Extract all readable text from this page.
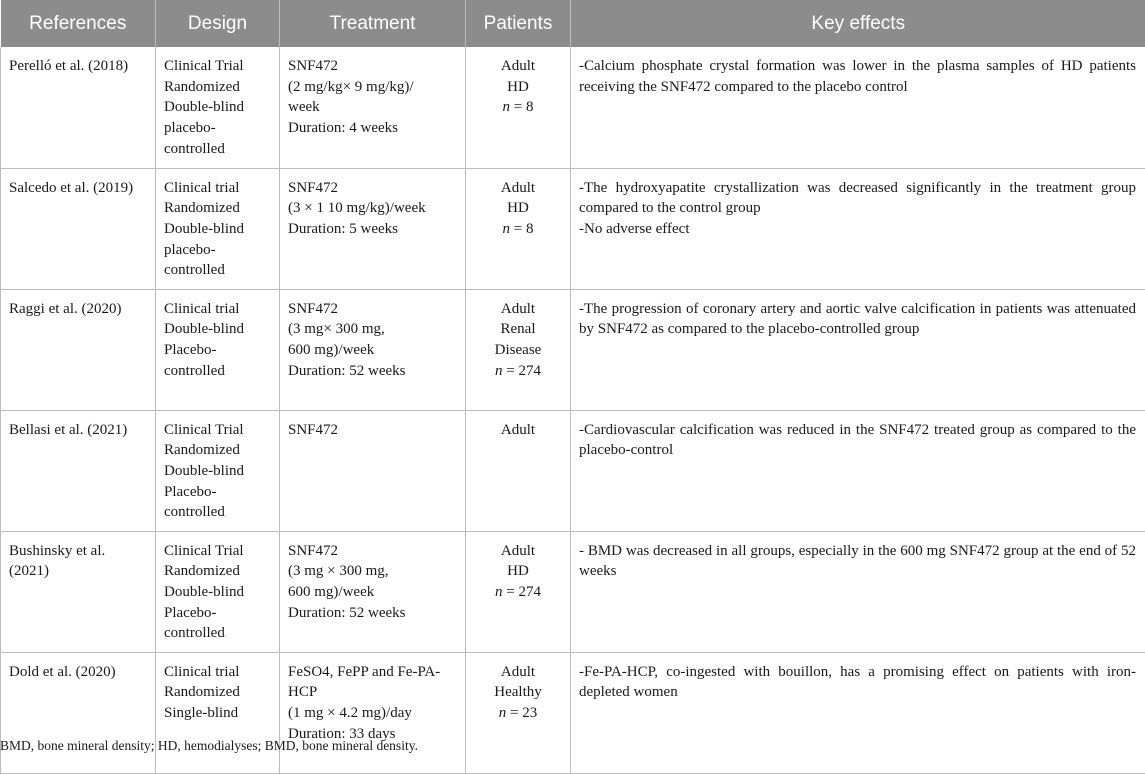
References	Design	Treatment	Patients	Key effects

Perelló et al. (2018)	Clinical Trial
Randomized
Double-blind
placebo-
controlled	SNF472
(2 mg/kg× 9 mg/kg)/
week
Duration: 4 weeks	Adult
HD
n = 8	-Calcium phosphate crystal formation was lower in the plasma samples of HD patients receiving the SNF472 compared to the placebo control

Salcedo et al. (2019)	Clinical trial
Randomized
Double-blind
placebo-
controlled	SNF472
(3 × 1 10 mg/kg)/week
Duration: 5 weeks	Adult
HD
n = 8	-The hydroxyapatite crystallization was decreased significantly in the treatment group compared to the control group
-No adverse effect

Raggi et al. (2020)	Clinical trial
Double-blind
Placebo-
controlled	SNF472
(3 mg× 300 mg,
600 mg)/week
Duration: 52 weeks	Adult
Renal
Disease
n = 274	-The progression of coronary artery and aortic valve calcification in patients was attenuated by SNF472 as compared to the placebo-controlled group

Bellasi et al. (2021)	Clinical Trial
Randomized
Double-blind
Placebo-
controlled	SNF472	Adult	-Cardiovascular calcification was reduced in the SNF472 treated group as compared to the placebo-control

Bushinsky et al.
(2021)	Clinical Trial
Randomized
Double-blind
Placebo-
controlled	SNF472
(3 mg × 300 mg,
600 mg)/week
Duration: 52 weeks	Adult
HD
n = 274	- BMD was decreased in all groups, especially in the 600 mg SNF472 group at the end of 52 weeks

Dold et al. (2020)	Clinical trial
Randomized
Single-blind	FeSO4, FePP and Fe-PA-
HCP
(1 mg × 4.2 mg)/day
Duration: 33 days	Adult
Healthy
n = 23	-Fe-PA-HCP, co-ingested with bouillon, has a promising effect on patients with iron-depleted women
BMD, bone mineral density; HD, hemodialyses; BMD, bone mineral density.
